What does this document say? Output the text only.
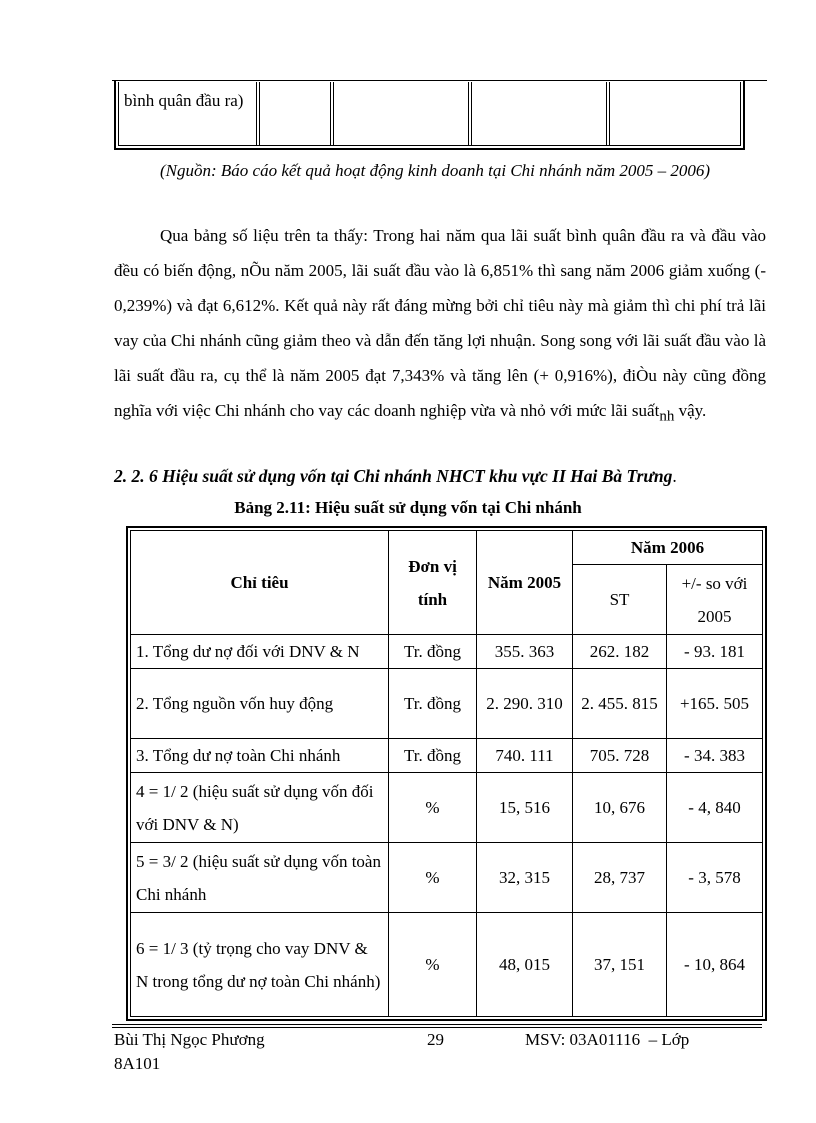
bình quân đầu ra)
(Nguồn: Báo cáo kết quả hoạt động kinh doanh tại Chi nhánh năm 2005 – 2006)
Qua bảng số liệu trên ta thấy: Trong hai năm qua lãi suất bình quân đầu ra và đầu vào đều có biến động, nÕu năm 2005, lãi suất đầu vào là 6,851% thì sang năm 2006 giảm xuống (- 0,239%) và đạt 6,612%. Kết quả này rất đáng mừng bởi chỉ tiêu này mà giảm thì chi phí trả lãi vay của Chi nhánh cũng giảm theo và dẫn đến tăng lợi nhuận. Song song với lãi suất đầu vào là lãi suất đầu ra, cụ thể là năm 2005 đạt 7,343% và tăng lên (+ 0,916%), điÒu này cũng đồng nghĩa với việc Chi nhánh cho vay các doanh nghiệp vừa và nhỏ với mức lãi suất$_{nh}$ vậy.
2. 2. 6 Hiệu suất sử dụng vốn tại Chi nhánh NHCT khu vực II Hai Bà Trưng.
Bảng 2.11: Hiệu suất sử dụng vốn tại Chi nhánh
Chỉ tiêu	Đơn vị tính	Năm 2005	Năm 2006	
			ST	+/- so với 2005
1. Tổng dư nợ đối với DNV & N	Tr. đồng	355. 363	262. 182	- 93. 181
2. Tổng nguồn vốn huy động	Tr. đồng	2. 290. 310	2. 455. 815	+165. 505
3. Tổng dư nợ toàn Chi nhánh	Tr. đồng	740. 111	705. 728	- 34. 383
4 = 1/ 2 (hiệu suất sử dụng vốn đối với DNV & N)	%	15, 516	10, 676	- 4, 840
5 = 3/ 2 (hiệu suất sử dụng vốn toàn Chi nhánh	%	32, 315	28, 737	- 3, 578
6 = 1/ 3 (tỷ trọng cho vay DNV & N trong tổng dư nợ toàn Chi nhánh)	%	48, 015	37, 151	- 10, 864
Bùi Thị Ngọc Phương	29	MSV: 03A01116  – Lớp
8A101
